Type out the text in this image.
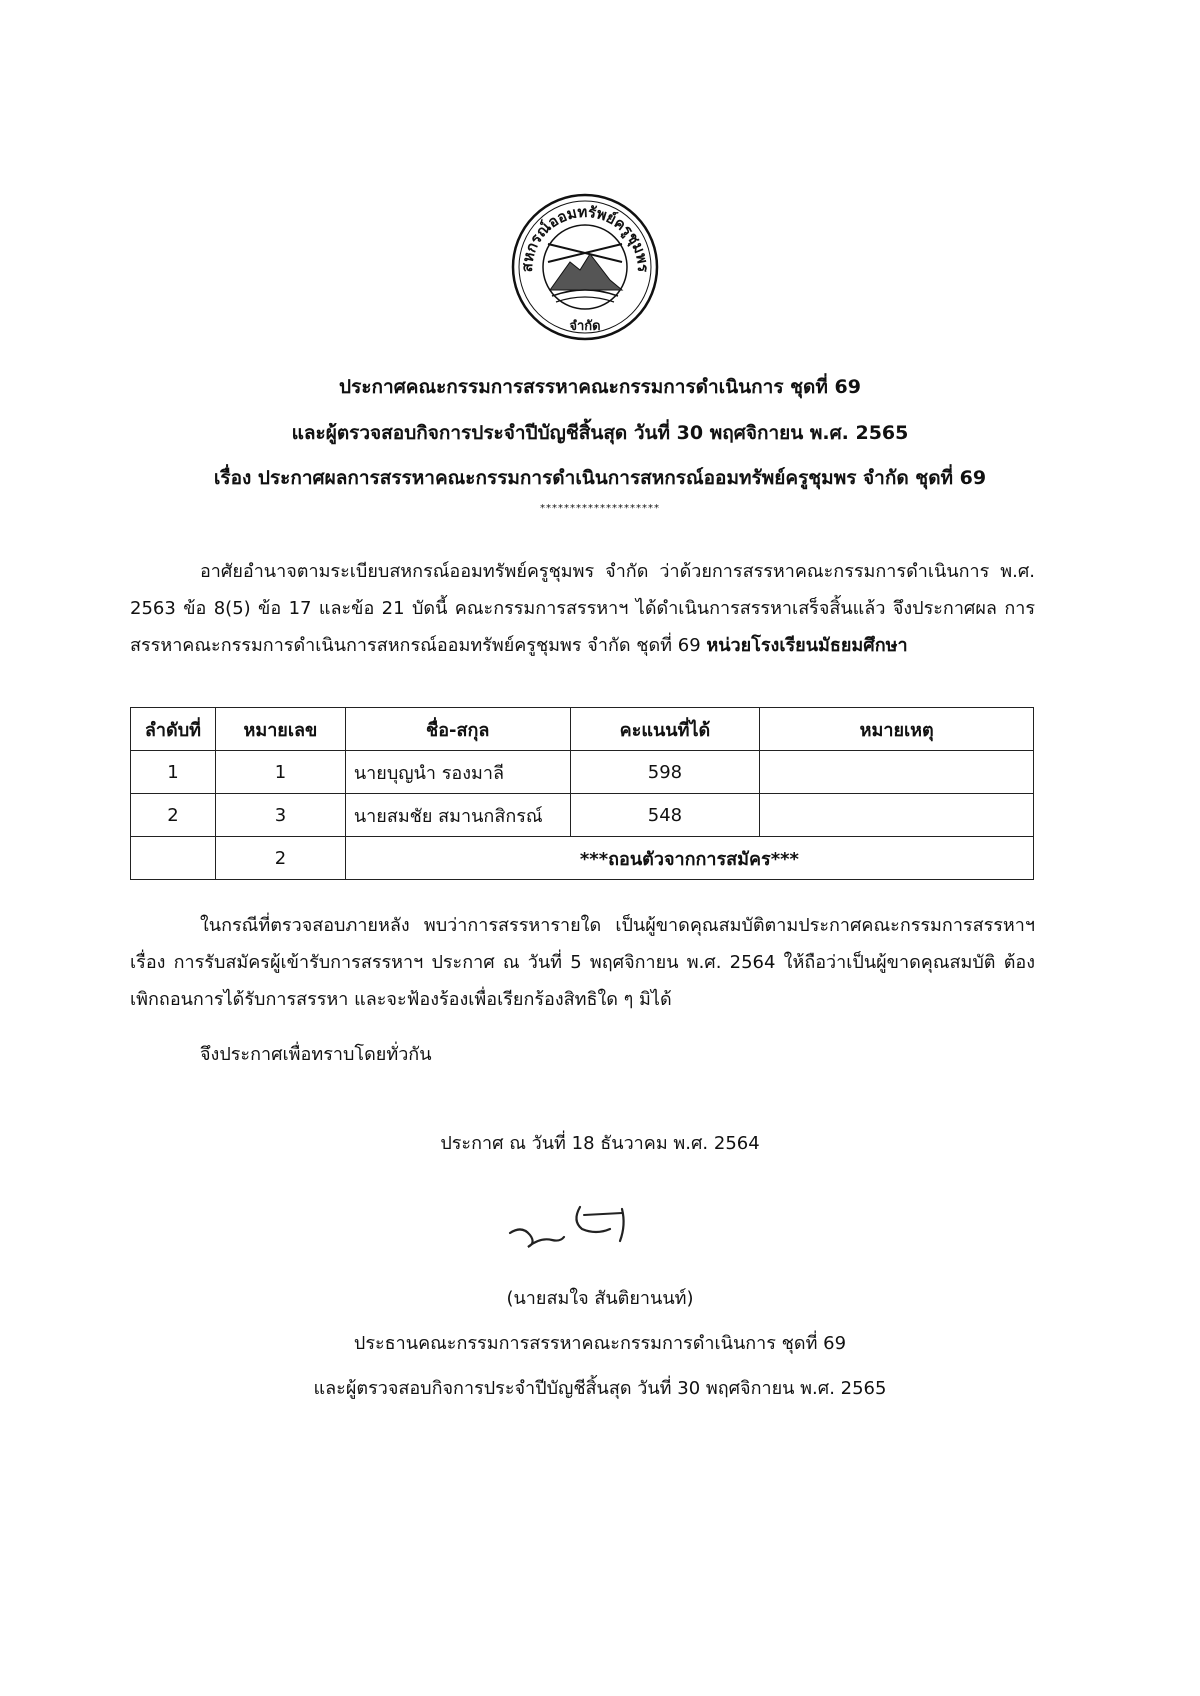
สหกรณ์ออมทรัพย์ครูชุมพร
จำกัด
ประกาศคณะกรรมการสรรหาคณะกรรมการดำเนินการ ชุดที่ 69
และผู้ตรวจสอบกิจการประจำปีบัญชีสิ้นสุด วันที่ 30 พฤศจิกายน พ.ศ. 2565
เรื่อง ประกาศผลการสรรหาคณะกรรมการดำเนินการสหกรณ์ออมทรัพย์ครูชุมพร จำกัด ชุดที่ 69
********************
อาศัยอำนาจตามระเบียบสหกรณ์ออมทรัพย์ครูชุมพร จำกัด ว่าด้วยการสรรหาคณะกรรมการดำเนินการ พ.ศ. 2563 ข้อ 8(5) ข้อ 17 และข้อ 21 บัดนี้ คณะกรรมการสรรหาฯ ได้ดำเนินการสรรหาเสร็จสิ้นแล้ว จึงประกาศผล การสรรหาคณะกรรมการดำเนินการสหกรณ์ออมทรัพย์ครูชุมพร จำกัด ชุดที่ 69 หน่วยโรงเรียนมัธยมศึกษา
ลำดับที่	หมายเลข	ชื่อ-สกุล	คะแนนที่ได้	หมายเหตุ
1	1	นายบุญนำ รองมาลี	598	
2	3	นายสมชัย สมานกสิกรณ์	548	
	2	***ถอนตัวจากการสมัคร***		
ในกรณีที่ตรวจสอบภายหลัง พบว่าการสรรหารายใด เป็นผู้ขาดคุณสมบัติตามประกาศคณะกรรมการสรรหาฯ เรื่อง การรับสมัครผู้เข้ารับการสรรหาฯ ประกาศ ณ วันที่ 5 พฤศจิกายน พ.ศ. 2564 ให้ถือว่าเป็นผู้ขาดคุณสมบัติ ต้องเพิกถอนการได้รับการสรรหา และจะฟ้องร้องเพื่อเรียกร้องสิทธิใด ๆ มิได้
จึงประกาศเพื่อทราบโดยทั่วกัน
ประกาศ ณ วันที่ 18 ธันวาคม พ.ศ. 2564
(นายสมใจ สันติยานนท์)
ประธานคณะกรรมการสรรหาคณะกรรมการดำเนินการ ชุดที่ 69
และผู้ตรวจสอบกิจการประจำปีบัญชีสิ้นสุด วันที่ 30 พฤศจิกายน พ.ศ. 2565
